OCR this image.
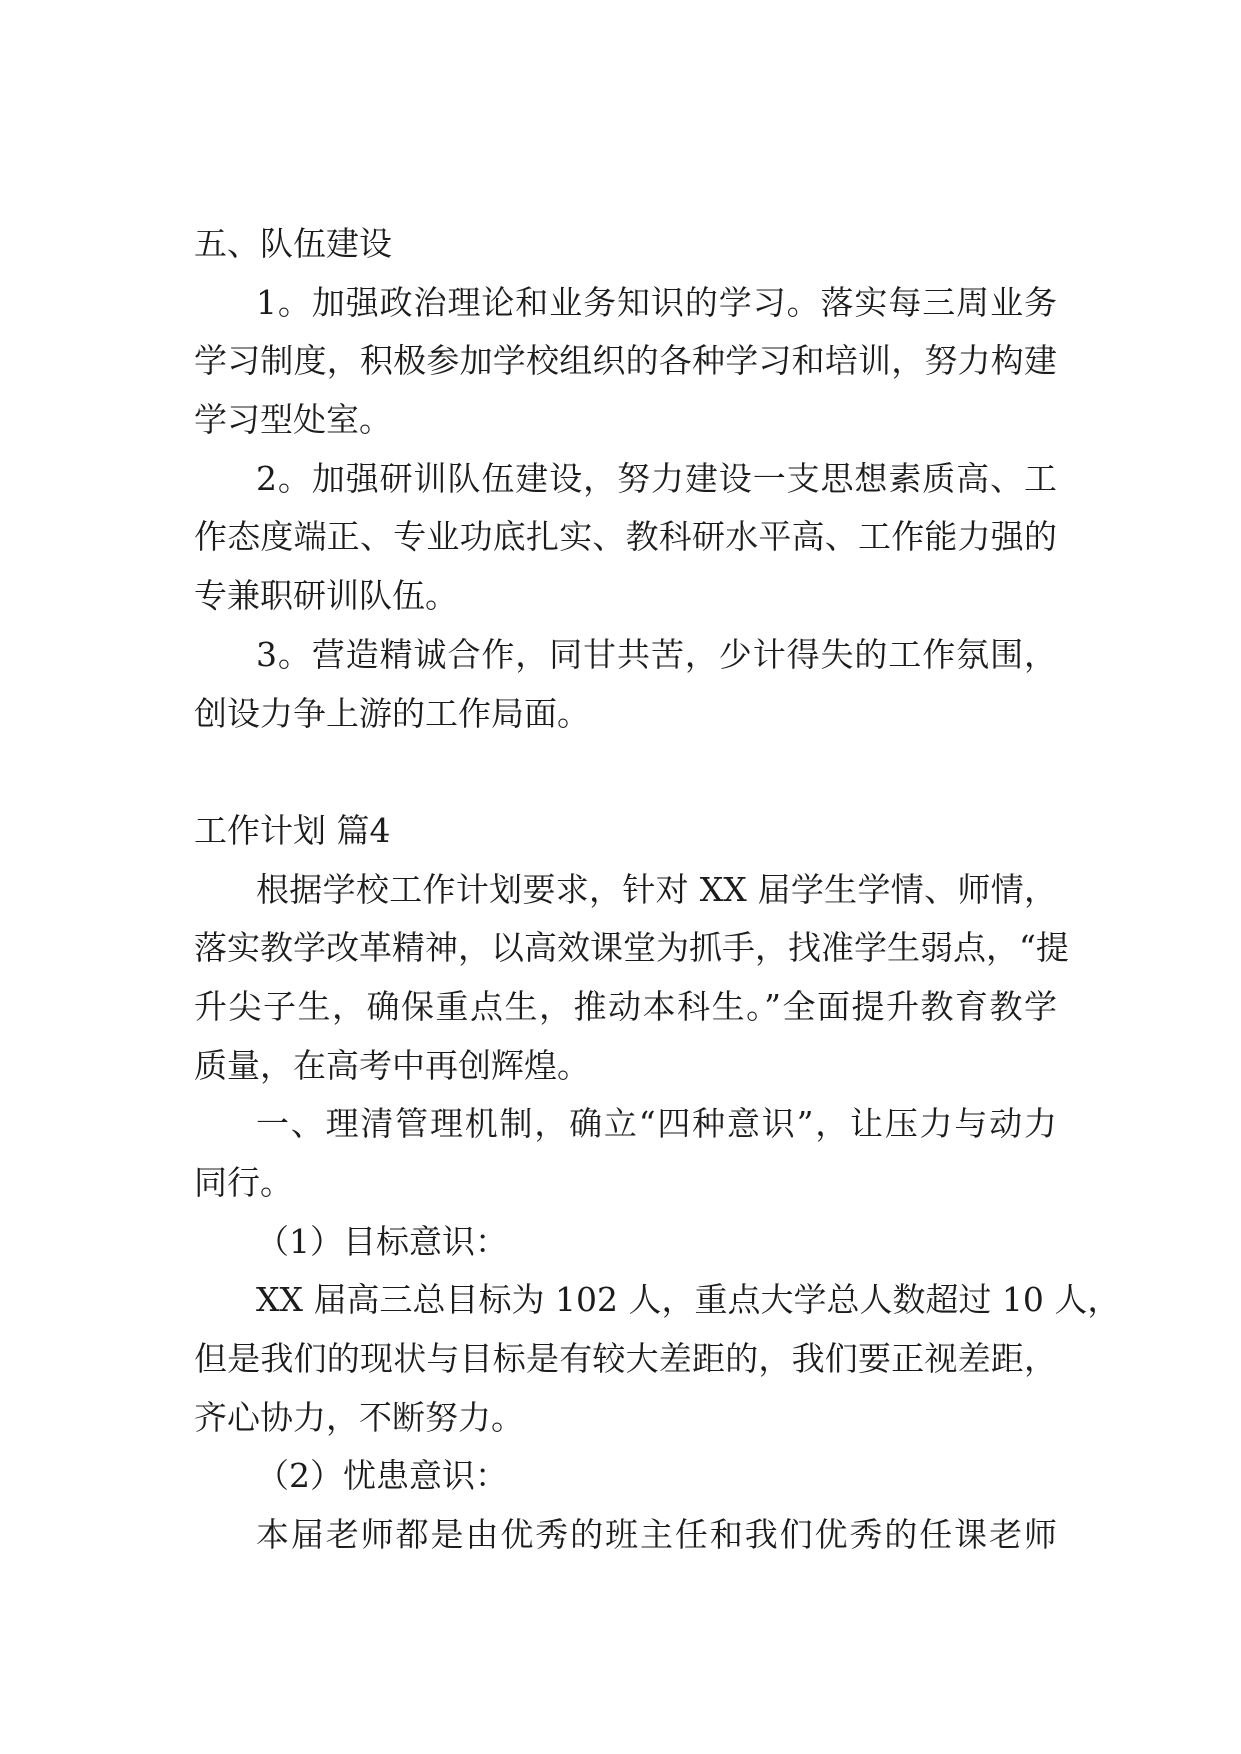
五、队伍建设
1。加强政治理论和业务知识的学习。落实每三周业务
学习制度，积极参加学校组织的各种学习和培训，努力构建
学习型处室。
2。加强研训队伍建设，努力建设一支思想素质高、工
作态度端正、专业功底扎实、教科研水平高、工作能力强的
专兼职研训队伍。
3。营造精诚合作，同甘共苦，少计得失的工作氛围，
创设力争上游的工作局面。
工作计划 篇4
根据学校工作计划要求，针对 XX 届学生学情、师情，
落实教学改革精神，以高效课堂为抓手，找准学生弱点，“提
升尖子生，确保重点生，推动本科生。”全面提升教育教学
质量，在高考中再创辉煌。
一、理清管理机制，确立“四种意识”，让压力与动力
同行。
（1）目标意识：
XX 届高三总目标为 102 人，重点大学总人数超过 10 人，
但是我们的现状与目标是有较大差距的，我们要正视差距，
齐心协力，不断努力。
（2）忧患意识：
本届老师都是由优秀的班主任和我们优秀的任课老师
